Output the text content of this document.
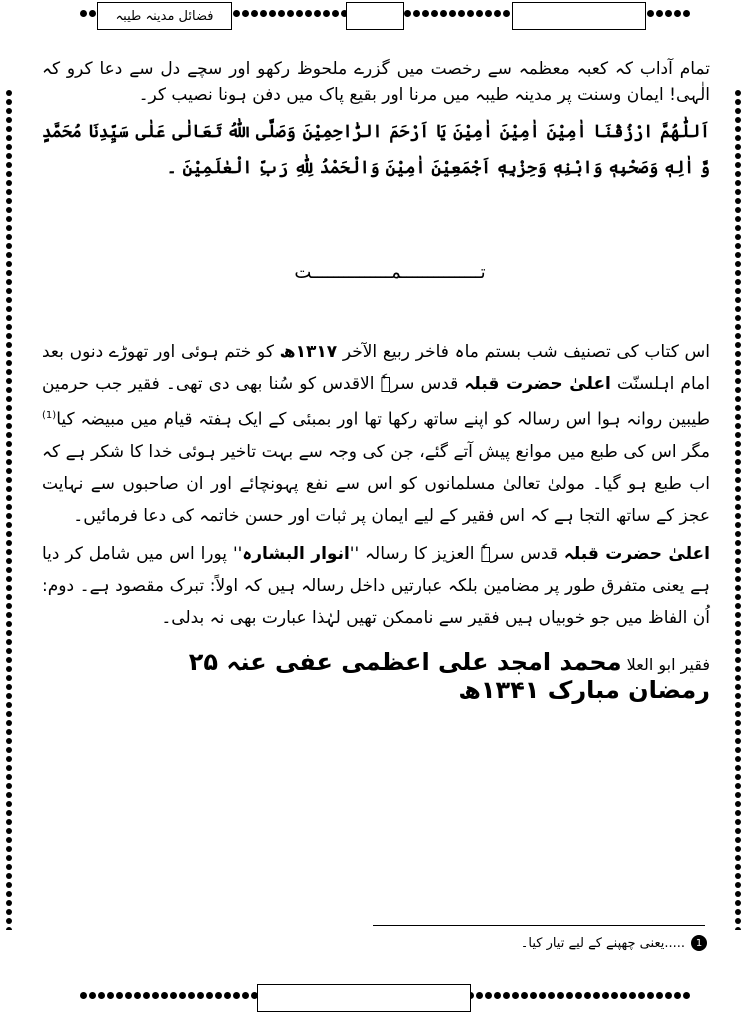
فضائل مدینہ طیبہ

تمام آداب کہ کعبہ معظمہ سے رخصت میں گزرے ملحوظ رکھو اور سچے دل سے دعا کرو کہ الٰہی! ایمان وسنت پر مدینہ طیبہ میں مرنا اور بقیع پاک میں دفن ہونا نصیب کر۔

اَللّٰھُمَّ ارْزُقْنَا اٰمِیْنَ اٰمِیْنَ اٰمِیْنَ یَا اَرْحَمَ الرّٰاحِمِیْنَ وَصَلَّی اللّٰهُ تَعَالٰی عَلٰی سَیِّدِنَا مُحَمَّدٍ وَّ اٰلِهٖ وَصَحْبِهٖ وَابْنِهٖ وَحِزْبِهٖ اَجْمَعِیْنَ اٰمِیْنَ وَالْحَمْدُ لِلّٰهِ رَبِّ الْعٰلَمِیْنَ ۔

تـــــــــــــــمـــــــــــــــت

اس کتاب کی تصنیف شب بستم ماہ فاخر ربیع الآخر ۱۳۱۷ھ کو ختم ہوئی اور تھوڑے دنوں بعد امام اہلسنّت اعلیٰ حضرت قبلہ قدس سرہٗ الاقدس کو سُنا بھی دی تھی۔ فقیر جب حرمین طیبین روانہ ہوا اس رسالہ کو اپنے ساتھ رکھا تھا اور بمبئی کے ایک ہفتہ قیام میں مبیضہ کیا$^{(1)}$ مگر اس کی طبع میں موانع پیش آتے گئے، جن کی وجہ سے بہت تاخیر ہوئی خدا کا شکر ہے کہ اب طبع ہو گیا۔ مولیٰ تعالیٰ مسلمانوں کو اس سے نفع پہونچائے اور ان صاحبوں سے نہایت عجز کے ساتھ التجا ہے کہ اس فقیر کے لیے ایمان پر ثبات اور حسن خاتمہ کی دعا فرمائیں۔

اعلیٰ حضرت قبلہ قدس سرہٗ العزیز کا رسالہ ''انوار البشارہ'' پورا اس میں شامل کر دیا ہے یعنی متفرق طور پر مضامین بلکہ عبارتیں داخل رسالہ ہیں کہ اولاً: تبرک مقصود ہے۔ دوم: اُن الفاظ میں جو خوبیاں ہیں فقیر سے ناممکن تھیں لہٰذا عبارت بھی نہ بدلی۔

فقیر ابو العلا محمد امجد علی اعظمی عفی عنہ ۲۵ رمضان مبارک ۱۳۴۱ھ
1
.....یعنی چھپنے کے لیے تیار کیا۔
